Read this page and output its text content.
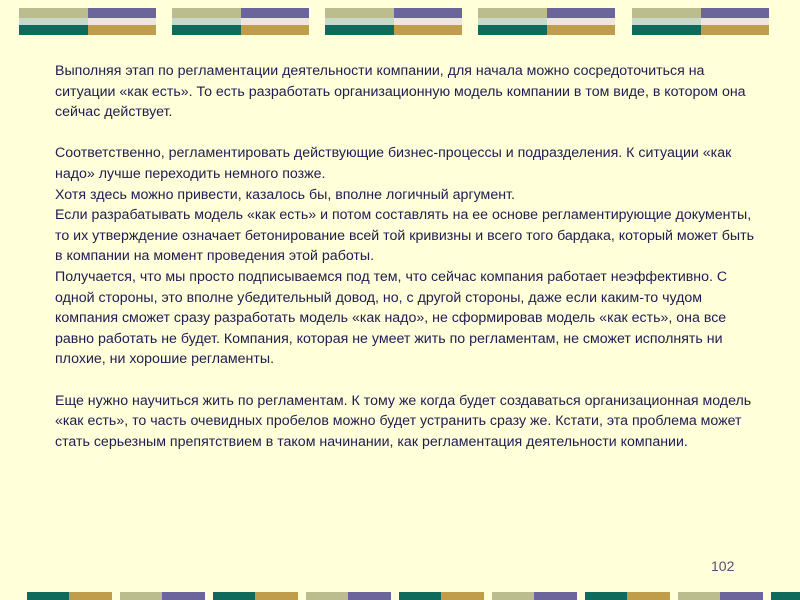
Выполняя этап по регламентации деятельности компании, для начала можно сосредоточиться на ситуации «как есть». То есть разработать организационную модель компании в том виде, в котором она сейчас действует.

Соответственно, регламентировать действующие бизнес-процессы и подразделения. К ситуации «как надо» лучше переходить немного позже.

Хотя здесь можно привести, казалось бы, вполне логичный аргумент.

Если разрабатывать модель «как есть» и потом составлять на ее основе регламентирующие документы, то их утверждение означает бетонирование всей той кривизны и всего того бардака, который может быть в компании на момент проведения этой работы.

Получается, что мы просто подписываемся под тем, что сейчас компания работает неэффективно. С одной стороны, это вполне убедительный довод, но, с другой стороны, даже если каким-то чудом компания сможет сразу разработать модель «как надо», не сформировав модель «как есть», она все равно работать не будет. Компания, которая не умеет жить по регламентам, не сможет исполнять ни плохие, ни хорошие регламенты.

Еще нужно научиться жить по регламентам. К тому же когда будет создаваться организационная модель «как есть», то часть очевидных пробелов можно будет устранить сразу же. Кстати, эта проблема может стать серьезным препятствием в таком начинании, как регламентация деятельности компании.

102
